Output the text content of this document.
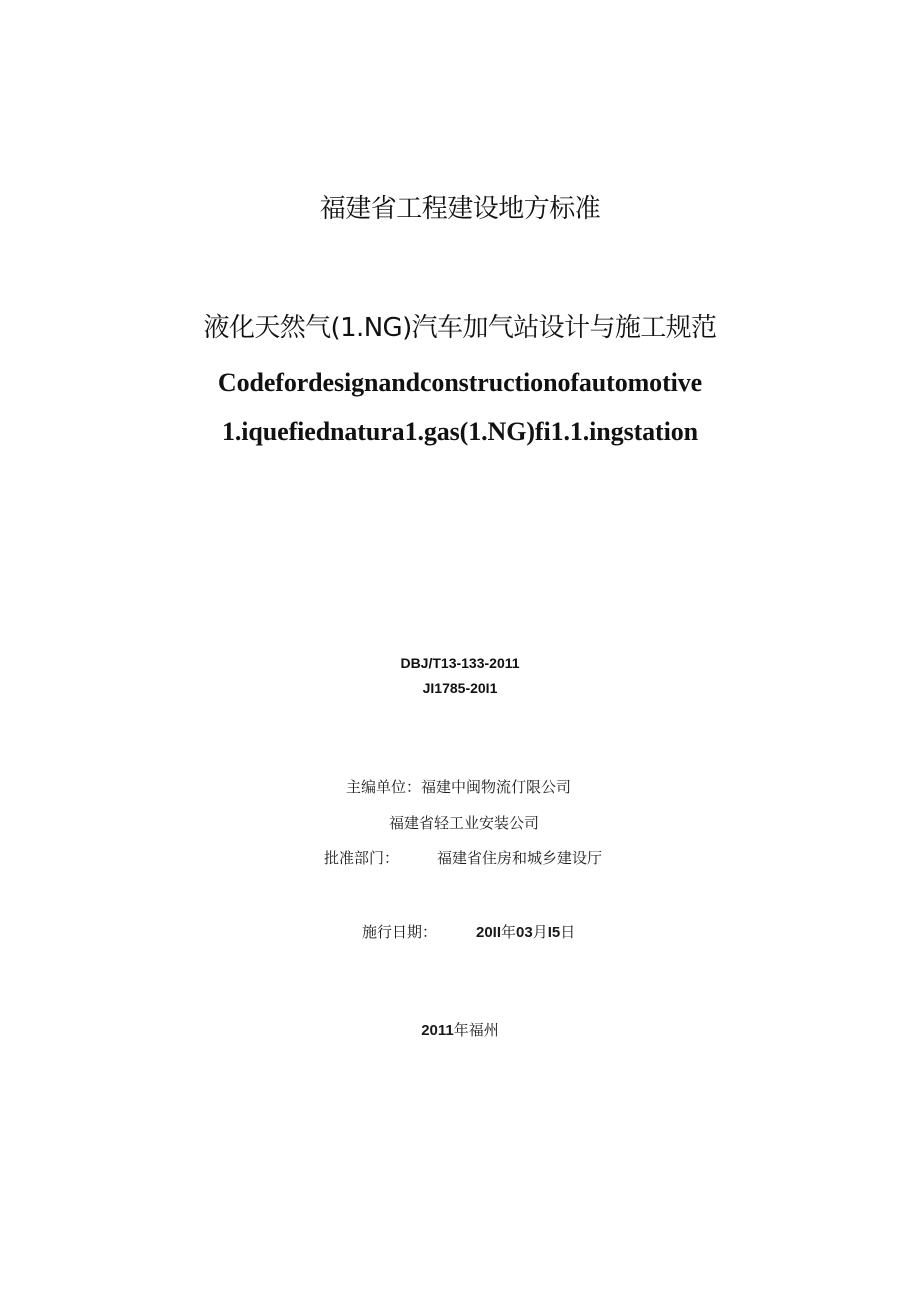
福建省工程建设地方标准
液化天然气(1.NG)汽车加气站设计与施工规范
Codefordesignandconstructionofautomotive
1.iquefiednatura1.gas(1.NG)fi1.1.ingstation
DBJ/T13-133-2011
JI1785-20I1
主编单位：福建中闽物流仃限公司
福建省轻工业安装公司
批准部门：	福建省住房和城乡建设厅
施行日期：	20II年03月I5日
2011年福州
